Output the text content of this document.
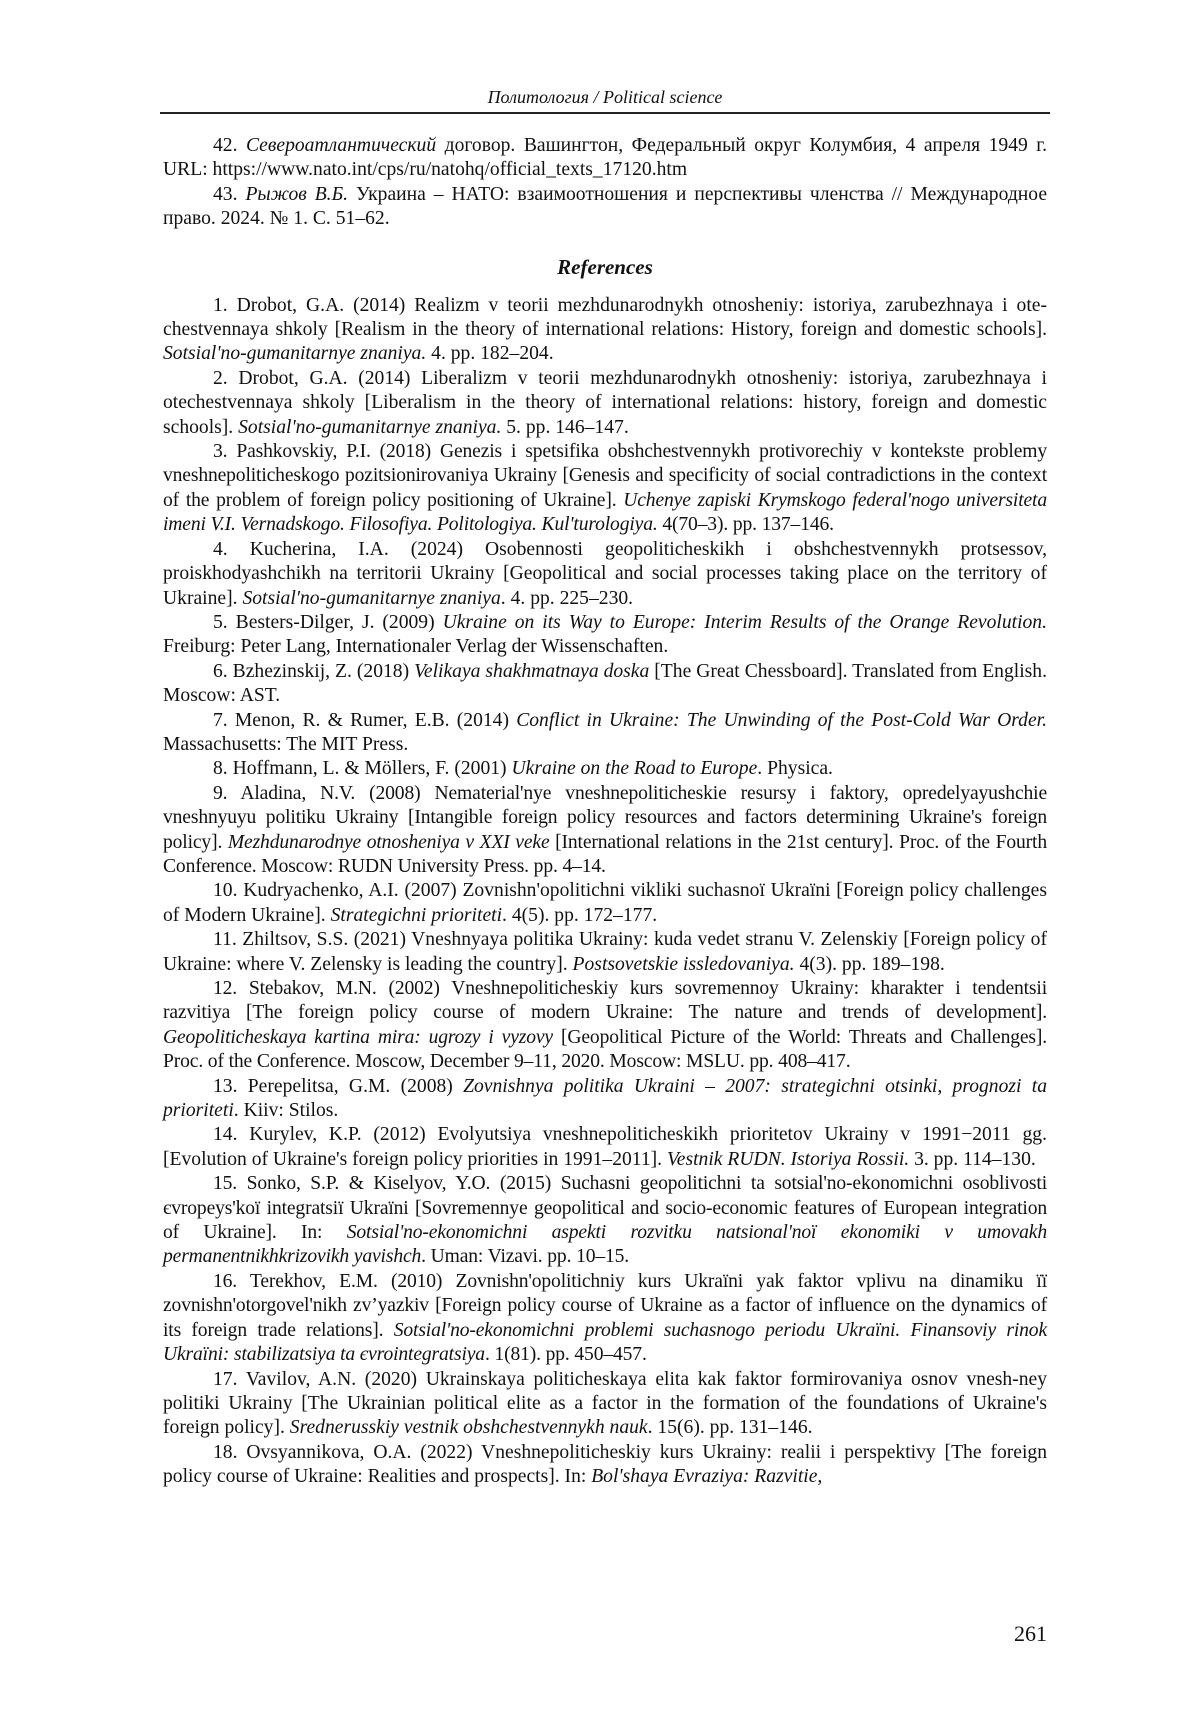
Политология / Political science

42. Североатлантический договор. Вашингтон, Федеральный округ Колумбия, 4 апреля 1949 г. URL: https://www.nato.int/cps/ru/natohq/official_texts_17120.htm

43. Рыжов В.Б. Украина – НАТО: взаимоотношения и перспективы членства // Международное право. 2024. № 1. С. 51–62.

References

1. Drobot, G.A. (2014) Realizm v teorii mezhdunarodnykh otnosheniy: istoriya, zarubezhnaya i ote-chestvennaya shkoly [Realism in the theory of international relations: History, foreign and domestic schools]. Sotsial'no-gumanitarnye znaniya. 4. pp. 182–204.

2. Drobot, G.A. (2014) Liberalizm v teorii mezhdunarodnykh otnosheniy: istoriya, zarubezhnaya i otechestvennaya shkoly [Liberalism in the theory of international relations: history, foreign and domestic schools]. Sotsial'no-gumanitarnye znaniya. 5. pp. 146–147.

3. Pashkovskiy, P.I. (2018) Genezis i spetsifika obshchestvennykh protivorechiy v kontekste problemy vneshnepoliticheskogo pozitsionirovaniya Ukrainy [Genesis and specificity of social contradictions in the context of the problem of foreign policy positioning of Ukraine]. Uchenye zapiski Krymskogo federal'nogo universiteta imeni V.I. Vernadskogo. Filosofiya. Politologiya. Kul'turologiya. 4(70–3). pp. 137–146.

4. Kucherina, I.A. (2024) Osobennosti geopoliticheskikh i obshchestvennykh protsessov, proiskhodyashchikh na territorii Ukrainy [Geopolitical and social processes taking place on the territory of Ukraine]. Sotsial'no-gumanitarnye znaniya. 4. pp. 225–230.

5. Besters-Dilger, J. (2009) Ukraine on its Way to Europe: Interim Results of the Orange Revolution. Freiburg: Peter Lang, Internationaler Verlag der Wissenschaften.

6. Bzhezinskij, Z. (2018) Velikaya shakhmatnaya doska [The Great Chessboard]. Translated from English. Moscow: AST.

7. Menon, R. & Rumer, E.B. (2014) Conflict in Ukraine: The Unwinding of the Post-Cold War Order. Massachusetts: The MIT Press.

8. Hoffmann, L. & Möllers, F. (2001) Ukraine on the Road to Europe. Physica.

9. Aladina, N.V. (2008) Nematerial'nye vneshnepoliticheskie resursy i faktory, opredelyayushchie vneshnyuyu politiku Ukrainy [Intangible foreign policy resources and factors determining Ukraine's foreign policy]. Mezhdunarodnye otnosheniya v XXI veke [International relations in the 21st century]. Proc. of the Fourth Conference. Moscow: RUDN University Press. pp. 4–14.

10. Kudryachenko, A.I. (2007) Zovnishn'opolitichni vikliki suchasnoї Ukraїni [Foreign policy challenges of Modern Ukraine]. Strategichni prioriteti. 4(5). pp. 172–177.

11. Zhiltsov, S.S. (2021) Vneshnyaya politika Ukrainy: kuda vedet stranu V. Zelenskiy [Foreign policy of Ukraine: where V. Zelensky is leading the country]. Postsovetskie issledovaniya. 4(3). pp. 189–198.

12. Stebakov, M.N. (2002) Vneshnepoliticheskiy kurs sovremennoy Ukrainy: kharakter i tendentsii razvitiya [The foreign policy course of modern Ukraine: The nature and trends of development]. Geopoliticheskaya kartina mira: ugrozy i vyzovy [Geopolitical Picture of the World: Threats and Challenges]. Proc. of the Conference. Moscow, December 9–11, 2020. Moscow: MSLU. pp. 408–417.

13. Perepelitsa, G.M. (2008) Zovnishnya politika Ukraini – 2007: strategichni otsinki, prognozi ta prioriteti. Kiiv: Stilos.

14. Kurylev, K.P. (2012) Evolyutsiya vneshnepoliticheskikh prioritetov Ukrainy v 1991−2011 gg. [Evolution of Ukraine's foreign policy priorities in 1991–2011]. Vestnik RUDN. Istoriya Rossii. 3. pp. 114–130.

15. Sonko, S.P. & Kiselyov, Y.O. (2015) Suchasni geopolitichni ta sotsial'no-ekonomichni osoblivosti єvropeys'koї integratsiї Ukraїni [Sovremennye geopolitical and socio-economic features of European integration of Ukraine]. In: Sotsial'no-ekonomichni aspekti rozvitku natsional'noї ekonomiki v umovakh permanentnikhkrizovikh yavishch. Uman: Vizavi. pp. 10–15.

16. Terekhov, E.M. (2010) Zovnishn'opolitichniy kurs Ukraїni yak faktor vplivu na dinamiku її zovnishn'otorgovel'nikh zv’yazkiv [Foreign policy course of Ukraine as a factor of influence on the dynamics of its foreign trade relations]. Sotsial'no-ekonomichni problemi suchasnogo periodu Ukraїni. Finansoviy rinok Ukraїni: stabilizatsiya ta єvrointegratsiya. 1(81). pp. 450–457.

17. Vavilov, A.N. (2020) Ukrainskaya politicheskaya elita kak faktor formirovaniya osnov vnesh-ney politiki Ukrainy [The Ukrainian political elite as a factor in the formation of the foundations of Ukraine's foreign policy]. Srednerusskiy vestnik obshchestvennykh nauk. 15(6). pp. 131–146.

18. Ovsyannikova, O.A. (2022) Vneshnepoliticheskiy kurs Ukrainy: realii i perspektivy [The foreign policy course of Ukraine: Realities and prospects]. In: Bol'shaya Evraziya: Razvitie,

261
